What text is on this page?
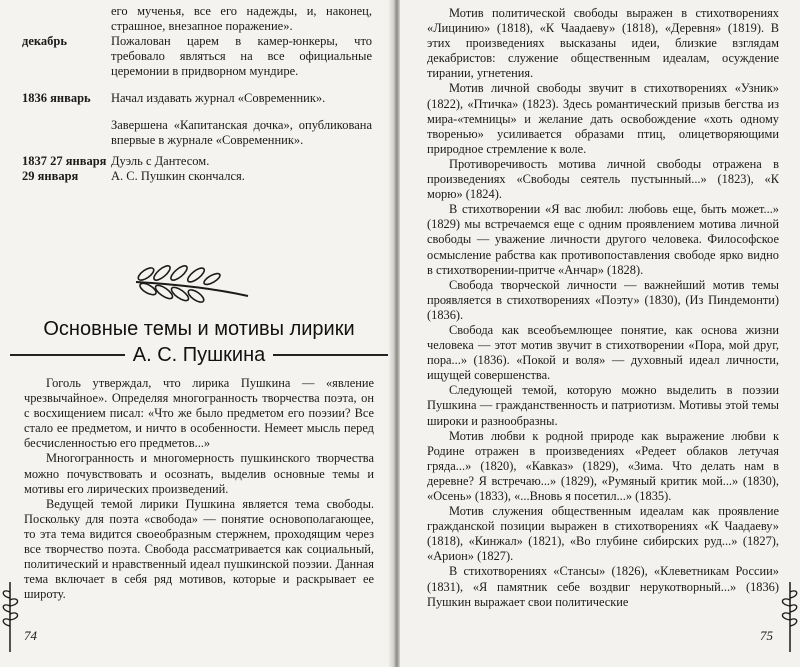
его мученья, все его надежды, и, наконец, страшное, внезапное поражение».

декабрь	Пожалован царем в камер-юнкеры, что требовало являться на все официальные церемонии в придворном мундире.

1836 январь	Начал издавать журнал «Современник».

Завершена «Капитанская дочка», опубликована впервые в журнале «Современник».

1837 27 января Дуэль с Дантесом.

29 января	А. С. Пушкин скончался.

Основные темы и мотивы лирики
А. С. Пушкина

Гоголь утверждал, что лирика Пушкина — «явление чрезвычайное». Определяя многогранность творчества поэта, он с восхищением писал: «Что же было предметом его поэзии? Все стало ее предметом, и ничто в особенности. Немеет мысль перед бесчисленностью его предметов...»

Многогранность и многомерность пушкинского творчества можно почувствовать и осознать, выделив основные темы и мотивы его лирических произведений.

Ведущей темой лирики Пушкина является тема свободы. Поскольку для поэта «свобода» — понятие основополагающее, то эта тема видится своеобразным стержнем, проходящим через все творчество поэта. Свобода рассматривается как социальный, политический и нравственный идеал пушкинской поэзии. Данная тема включает в себя ряд мотивов, которые и раскрывает ее широту.

74

Мотив политической свободы выражен в стихотворениях «Лицинию» (1818), «К Чаадаеву» (1818), «Деревня» (1819). В этих произведениях высказаны идеи, близкие взглядам декабристов: служение общественным идеалам, осуждение тирании, угнетения.

Мотив личной свободы звучит в стихотворениях «Узник» (1822), «Птичка» (1823). Здесь романтический призыв бегства из мира-«темницы» и желание дать освобождение «хоть одному творенью» усиливается образами птиц, олицетворяющими природное стремление к воле.

Противоречивость мотива личной свободы отражена в произведениях «Свободы сеятель пустынный...» (1823), «К морю» (1824).

В стихотворении «Я вас любил: любовь еще, быть может...» (1829) мы встречаемся еще с одним проявлением мотива личной свободы — уважение личности другого человека. Философское осмысление рабства как противопоставления свободе ярко видно в стихотворении-притче «Анчар» (1828).

Свобода творческой личности — важнейший мотив темы проявляется в стихотворениях «Поэту» (1830), (Из Пиндемонти) (1836).

Свобода как всеобъемлющее понятие, как основа жизни человека — этот мотив звучит в стихотворении «Пора, мой друг, пора...» (1836). «Покой и воля» — духовный идеал личности, ищущей совершенства.

Следующей темой, которую можно выделить в поэзии Пушкина — гражданственность и патриотизм. Мотивы этой темы широки и разнообразны.

Мотив любви к родной природе как выражение любви к Родине отражен в произведениях «Редеет облаков летучая гряда...» (1820), «Кавказ» (1829), «Зима. Что делать нам в деревне? Я встречаю...» (1829), «Румяный критик мой...» (1830), «Осень» (1833), «...Вновь я посетил...» (1835).

Мотив служения общественным идеалам как проявление гражданской позиции выражен в стихотворениях «К Чаадаеву» (1818), «Кинжал» (1821), «Во глубине сибирских руд...» (1827), «Арион» (1827).

В стихотворениях «Стансы» (1826), «Клеветникам России» (1831), «Я памятник себе воздвиг нерукотворный...» (1836) Пушкин выражает свои политические

75
